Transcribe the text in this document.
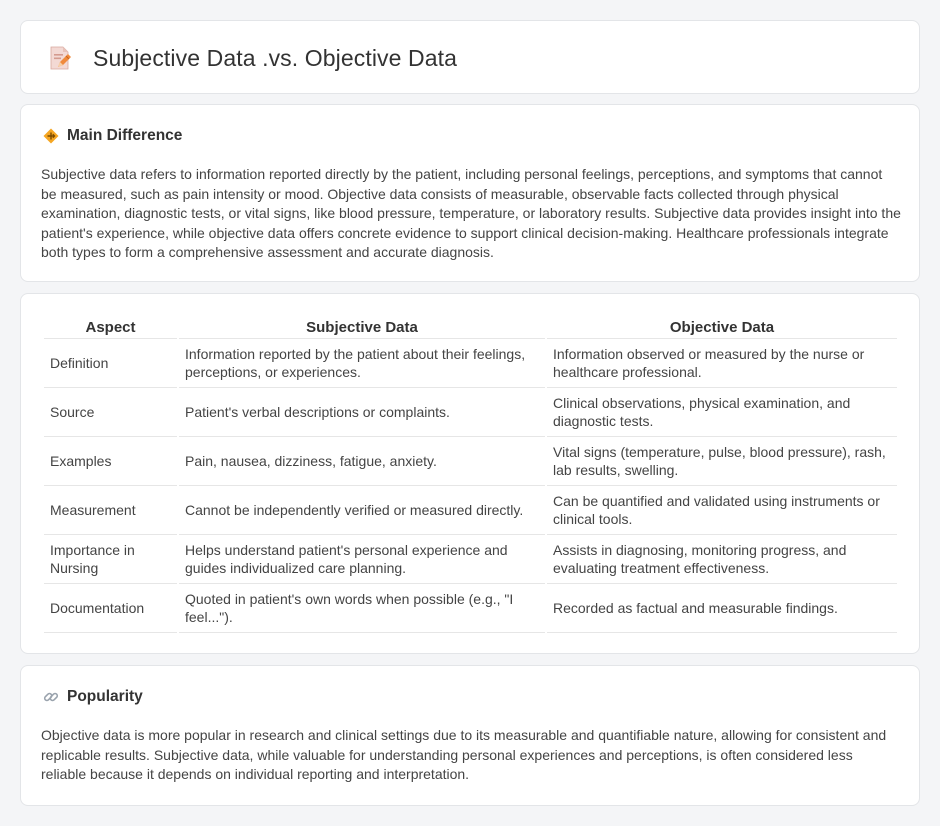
Subjective Data .vs. Objective Data
Main Difference

Subjective data refers to information reported directly by the patient, including personal feelings, perceptions, and symptoms that cannot be measured, such as pain intensity or mood. Objective data consists of measurable, observable facts collected through physical examination, diagnostic tests, or vital signs, like blood pressure, temperature, or laboratory results. Subjective data provides insight into the patient's experience, while objective data offers concrete evidence to support clinical decision-making. Healthcare professionals integrate both types to form a comprehensive assessment and accurate diagnosis.

Aspect	Subjective Data	Objective Data
Definition	Information reported by the patient about their feelings, perceptions, or experiences.	Information observed or measured by the nurse or healthcare professional.
Source	Patient's verbal descriptions or complaints.	Clinical observations, physical examination, and diagnostic tests.
Examples	Pain, nausea, dizziness, fatigue, anxiety.	Vital signs (temperature, pulse, blood pressure), rash, lab results, swelling.
Measurement	Cannot be independently verified or measured directly.	Can be quantified and validated using instruments or clinical tools.
Importance in Nursing	Helps understand patient's personal experience and guides individualized care planning.	Assists in diagnosing, monitoring progress, and evaluating treatment effectiveness.
Documentation	Quoted in patient's own words when possible (e.g., "I feel...").	Recorded as factual and measurable findings.
Popularity

Objective data is more popular in research and clinical settings due to its measurable and quantifiable nature, allowing for consistent and replicable results. Subjective data, while valuable for understanding personal experiences and perceptions, is often considered less reliable because it depends on individual reporting and interpretation.
